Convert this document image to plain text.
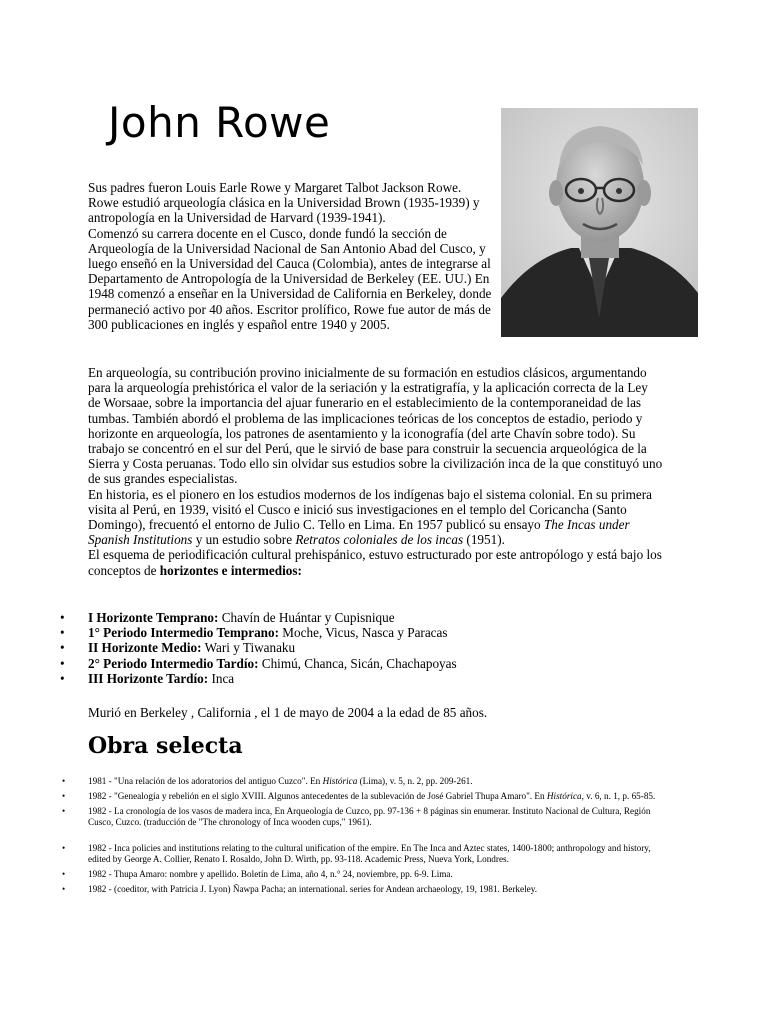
John Rowe

Sus padres fueron Louis Earle Rowe y Margaret Talbot Jackson Rowe.

Rowe estudió arqueología clásica en la Universidad Brown (1935-1939) y antropología en la Universidad de Harvard (1939-1941).

Comenzó su carrera docente en el Cusco, donde fundó la sección de Arqueología de la Universidad Nacional de San Antonio Abad del Cusco, y luego enseñó en la Universidad del Cauca (Colombia), antes de integrarse al Departamento de Antropología de la Universidad de Berkeley (EE. UU.) En 1948 comenzó a enseñar en la Universidad de California en Berkeley, donde permaneció activo por 40 años. Escritor prolífico, Rowe fue autor de más de 300 publicaciones en inglés y español entre 1940 y 2005.

En arqueología, su contribución provino inicialmente de su formación en estudios clásicos, argumentando para la arqueología prehistórica el valor de la seriación y la estratigrafía, y la aplicación correcta de la Ley de Worsaae, sobre la importancia del ajuar funerario en el establecimiento de la contemporaneidad de las tumbas. También abordó el problema de las implicaciones teóricas de los conceptos de estadio, periodo y horizonte en arqueología, los patrones de asentamiento y la iconografía (del arte Chavín sobre todo). Su trabajo se concentró en el sur del Perú, que le sirvió de base para construir la secuencia arqueológica de la Sierra y Costa peruanas. Todo ello sin olvidar sus estudios sobre la civilización inca de la que constituyó uno de sus grandes especialistas.

En historia, es el pionero en los estudios modernos de los indígenas bajo el sistema colonial. En su primera visita al Perú, en 1939, visitó el Cusco e inició sus investigaciones en el templo del Coricancha (Santo Domingo), frecuentó el entorno de Julio C. Tello en Lima. En 1957 publicó su ensayo The Incas under Spanish Institutions y un estudio sobre Retratos coloniales de los incas (1951).

El esquema de periodificación cultural prehispánico, estuvo estructurado por este antropólogo y está bajo los conceptos de horizontes e intermedios:

• I Horizonte Temprano: Chavín de Huántar y Cupisnique
• 1° Periodo Intermedio Temprano: Moche, Vicus, Nasca y Paracas
• II Horizonte Medio: Wari y Tiwanaku
• 2° Periodo Intermedio Tardío: Chimú, Chanca, Sicán, Chachapoyas
• III Horizonte Tardío: Inca

Murió en Berkeley , California , el 1 de mayo de 2004 a la edad de 85 años.

Obra selecta
• 1981 - "Una relación de los adoratorios del antiguo Cuzco". En Histórica (Lima), v. 5, n. 2, pp. 209-261.
• 1982 - "Genealogía y rebelión en el siglo XVIII. Algunos antecedentes de la sublevación de José Gabriel Thupa Amaro". En Histórica, v. 6, n. 1, p. 65-85.
• 1982 - La cronología de los vasos de madera inca, En Arqueología de Cuzco, pp. 97-136 + 8 páginas sin enumerar. Instituto Nacional de Cultura, Región Cusco, Cuzco. (traducción de "The chronology of Inca wooden cups," 1961).
• 1982 - Inca policies and institutions relating to the cultural unification of the empire. En The Inca and Aztec states, 1400-1800; anthropology and history, edited by George A. Collier, Renato I. Rosaldo, John D. Wirth, pp. 93-118. Academic Press, Nueva York, Londres.
• 1982 - Thupa Amaro: nombre y apellido. Boletín de Lima, año 4, n.° 24, noviembre, pp. 6-9. Lima.
• 1982 - (coeditor, with Patricia J. Lyon) Ñawpa Pacha; an international. series for Andean archaeology, 19, 1981. Berkeley.
